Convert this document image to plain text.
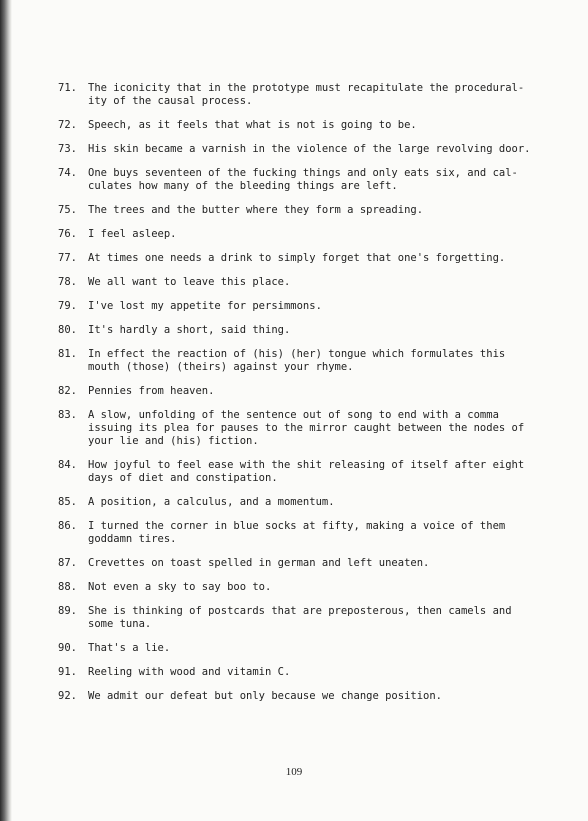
71.	The iconicity that in the prototype must recapitulate the procedural-ity of the causal process.
72.	Speech, as it feels that what is not is going to be.
73.	His skin became a varnish in the violence of the large revolving door.
74.	One buys seventeen of the fucking things and only eats six, and cal-culates how many of the bleeding things are left.
75.	The trees and the butter where they form a spreading.
76.	I feel asleep.
77.	At times one needs a drink to simply forget that one's forgetting.
78.	We all want to leave this place.
79.	I've lost my appetite for persimmons.
80.	It's hardly a short, said thing.
81.	In effect the reaction of (his) (her) tongue which formulates this mouth (those) (theirs) against your rhyme.
82.	Pennies from heaven.
83.	A slow, unfolding of the sentence out of song to end with a comma issuing its plea for pauses to the mirror caught between the nodes of your lie and (his) fiction.
84.	How joyful to feel ease with the shit releasing of itself after eight days of diet and constipation.
85.	A position, a calculus, and a momentum.
86.	I turned the corner in blue socks at fifty, making a voice of them goddamn tires.
87.	Crevettes on toast spelled in german and left uneaten.
88.	Not even a sky to say boo to.
89.	She is thinking of postcards that are preposterous, then camels and some tuna.
90.	That's a lie.
91.	Reeling with wood and vitamin C.
92.	We admit our defeat but only because we change position.
109
